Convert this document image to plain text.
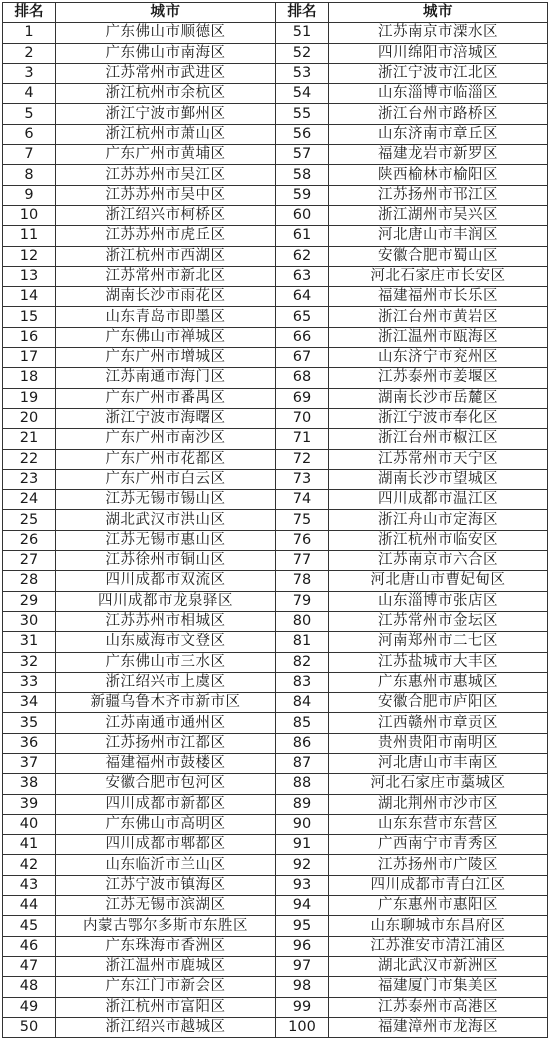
排名	城市	排名	城市
1	广东佛山市顺德区	51	江苏南京市溧水区
2	广东佛山市南海区	52	四川绵阳市涪城区
3	江苏常州市武进区	53	浙江宁波市江北区
4	浙江杭州市余杭区	54	山东淄博市临淄区
5	浙江宁波市鄞州区	55	浙江台州市路桥区
6	浙江杭州市萧山区	56	山东济南市章丘区
7	广东广州市黄埔区	57	福建龙岩市新罗区
8	江苏苏州市吴江区	58	陕西榆林市榆阳区
9	江苏苏州市吴中区	59	江苏扬州市邗江区
10	浙江绍兴市柯桥区	60	浙江湖州市吴兴区
11	江苏苏州市虎丘区	61	河北唐山市丰润区
12	浙江杭州市西湖区	62	安徽合肥市蜀山区
13	江苏常州市新北区	63	河北石家庄市长安区
14	湖南长沙市雨花区	64	福建福州市长乐区
15	山东青岛市即墨区	65	浙江台州市黄岩区
16	广东佛山市禅城区	66	浙江温州市瓯海区
17	广东广州市增城区	67	山东济宁市兖州区
18	江苏南通市海门区	68	江苏泰州市姜堰区
19	广东广州市番禺区	69	湖南长沙市岳麓区
20	浙江宁波市海曙区	70	浙江宁波市奉化区
21	广东广州市南沙区	71	浙江台州市椒江区
22	广东广州市花都区	72	江苏常州市天宁区
23	广东广州市白云区	73	湖南长沙市望城区
24	江苏无锡市锡山区	74	四川成都市温江区
25	湖北武汉市洪山区	75	浙江舟山市定海区
26	江苏无锡市惠山区	76	浙江杭州市临安区
27	江苏徐州市铜山区	77	江苏南京市六合区
28	四川成都市双流区	78	河北唐山市曹妃甸区
29	四川成都市龙泉驿区	79	山东淄博市张店区
30	江苏苏州市相城区	80	江苏常州市金坛区
31	山东威海市文登区	81	河南郑州市二七区
32	广东佛山市三水区	82	江苏盐城市大丰区
33	浙江绍兴市上虞区	83	广东惠州市惠城区
34	新疆乌鲁木齐市新市区	84	安徽合肥市庐阳区
35	江苏南通市通州区	85	江西赣州市章贡区
36	江苏扬州市江都区	86	贵州贵阳市南明区
37	福建福州市鼓楼区	87	河北唐山市丰南区
38	安徽合肥市包河区	88	河北石家庄市藁城区
39	四川成都市新都区	89	湖北荆州市沙市区
40	广东佛山市高明区	90	山东东营市东营区
41	四川成都市郫都区	91	广西南宁市青秀区
42	山东临沂市兰山区	92	江苏扬州市广陵区
43	江苏宁波市镇海区	93	四川成都市青白江区
44	江苏无锡市滨湖区	94	广东惠州市惠阳区
45	内蒙古鄂尔多斯市东胜区	95	山东聊城市东昌府区
46	广东珠海市香洲区	96	江苏淮安市清江浦区
47	浙江温州市鹿城区	97	湖北武汉市新洲区
48	广东江门市新会区	98	福建厦门市集美区
49	浙江杭州市富阳区	99	江苏泰州市高港区
50	浙江绍兴市越城区	100	福建漳州市龙海区
